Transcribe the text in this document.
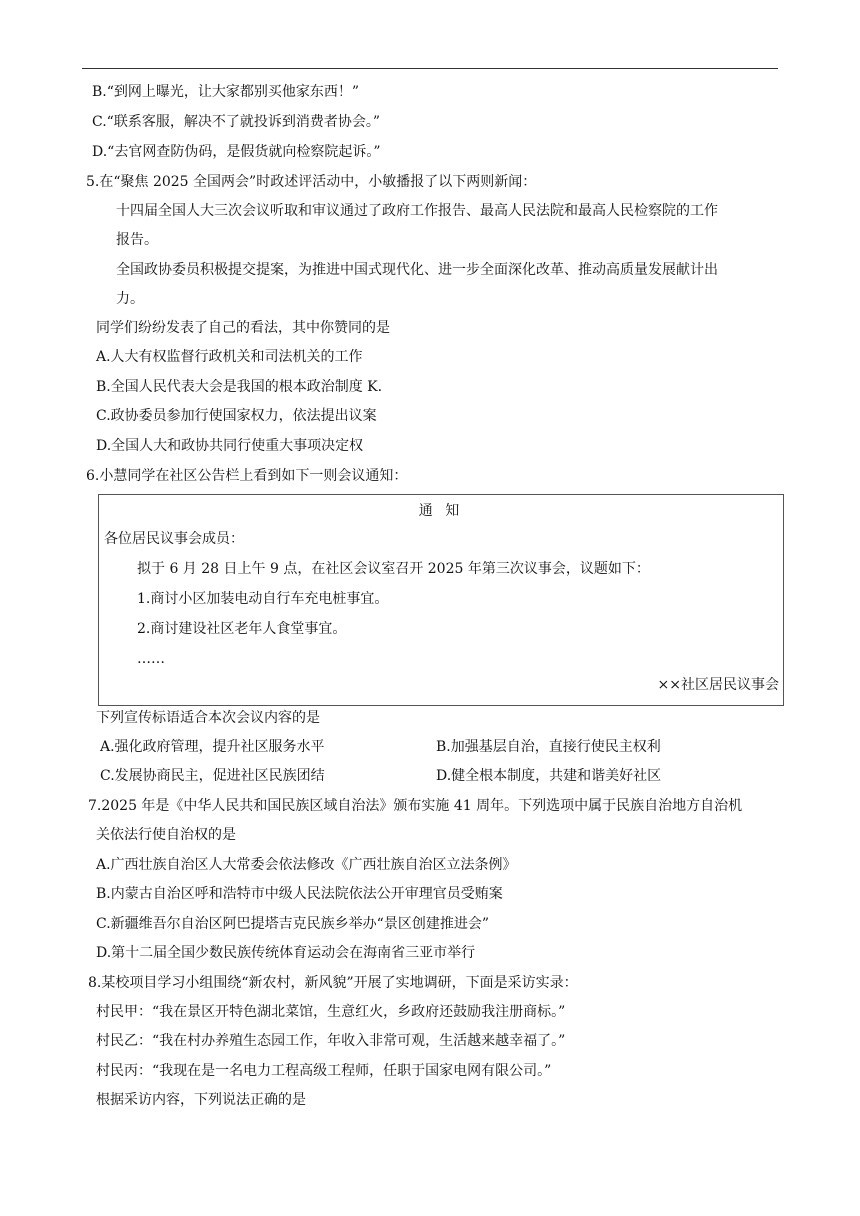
B.“到网上曝光，让大家都别买他家东西！”
C.“联系客服，解决不了就投诉到消费者协会。”
D.“去官网查防伪码，是假货就向检察院起诉。”
5.在“聚焦 2025 全国两会”时政述评活动中，小敏播报了以下两则新闻：
十四届全国人大三次会议听取和审议通过了政府工作报告、最高人民法院和最高人民检察院的工作
报告。
全国政协委员积极提交提案，为推进中国式现代化、进一步全面深化改革、推动高质量发展献计出
力。
同学们纷纷发表了自己的看法，其中你赞同的是
A.人大有权监督行政机关和司法机关的工作
B.全国人民代表大会是我国的根本政治制度 K.
C.政协委员参加行使国家权力，依法提出议案
D.全国人大和政协共同行使重大事项决定权
6.小慧同学在社区公告栏上看到如下一则会议通知：
通 知
各位居民议事会成员：
拟于 6 月 28 日上午 9 点，在社区会议室召开 2025 年第三次议事会，议题如下：
1.商讨小区加装电动自行车充电桩事宜。
2.商讨建设社区老年人食堂事宜。
……
××社区居民议事会
下列宣传标语适合本次会议内容的是
A.强化政府管理，提升社区服务水平	B.加强基层自治，直接行使民主权利
C.发展协商民主，促进社区民族团结	D.健全根本制度，共建和谐美好社区
7.2025 年是《中华人民共和国民族区域自治法》颁布实施 41 周年。下列选项中属于民族自治地方自治机
关依法行使自治权的是
A.广西壮族自治区人大常委会依法修改《广西壮族自治区立法条例》
B.内蒙古自治区呼和浩特市中级人民法院依法公开审理官员受贿案
C.新疆维吾尔自治区阿巴提塔吉克民族乡举办“景区创建推进会”
D.第十二届全国少数民族传统体育运动会在海南省三亚市举行
8.某校项目学习小组围绕“新农村，新风貌”开展了实地调研，下面是采访实录：
村民甲：“我在景区开特色湖北菜馆，生意红火，乡政府还鼓励我注册商标。”
村民乙：“我在村办养殖生态园工作，年收入非常可观，生活越来越幸福了。”
村民丙：“我现在是一名电力工程高级工程师，任职于国家电网有限公司。”
根据采访内容，下列说法正确的是
